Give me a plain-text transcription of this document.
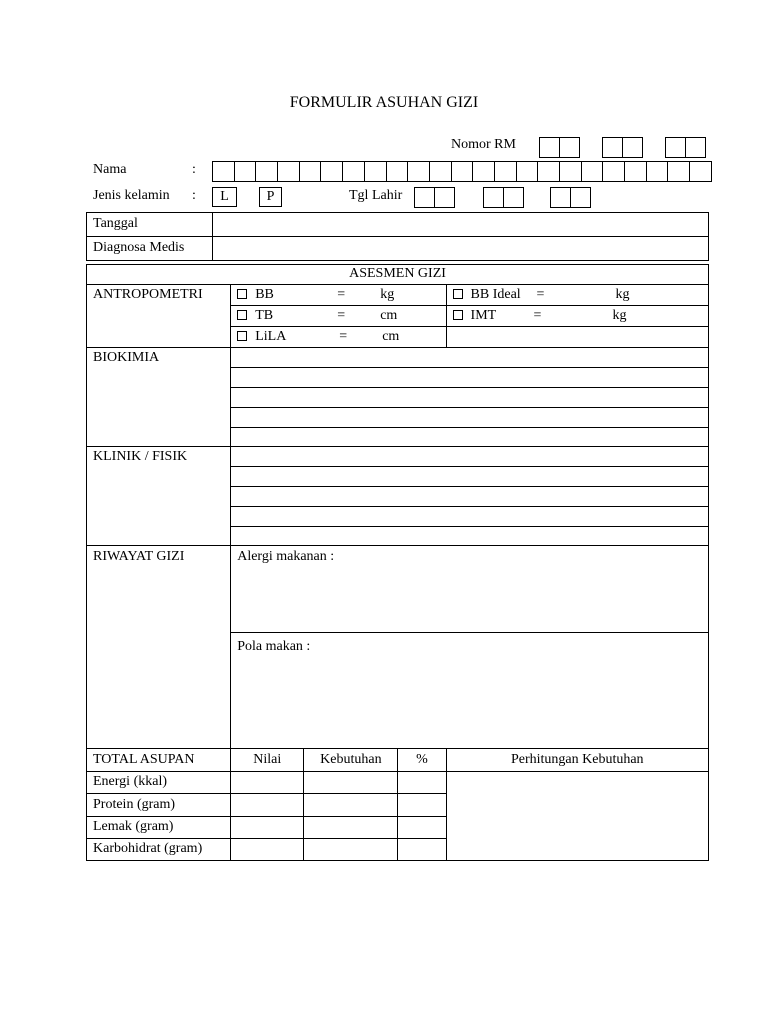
FORMULIR ASUHAN GIZI
Nomor RM
Nama	:
Jenis kelamin :	L	P	Tgl Lahir
Tanggal	
Diagnosa Medis	
ASESMEN GIZI				
ANTROPOMETRI	BB = kg			BB Ideal = kg
	TB = cm			IMT = kg
	LiLA = cm			
BIOKIMIA				

KLINIK / FISIK				

RIWAYAT GIZI	Alergi makanan :			
	Pola makan :			
TOTAL ASUPAN	Nilai	Kebutuhan	%	Perhitungan Kebutuhan
Energi (kkal)				
Protein (gram)				
Lemak (gram)				
Karbohidrat (gram)				
